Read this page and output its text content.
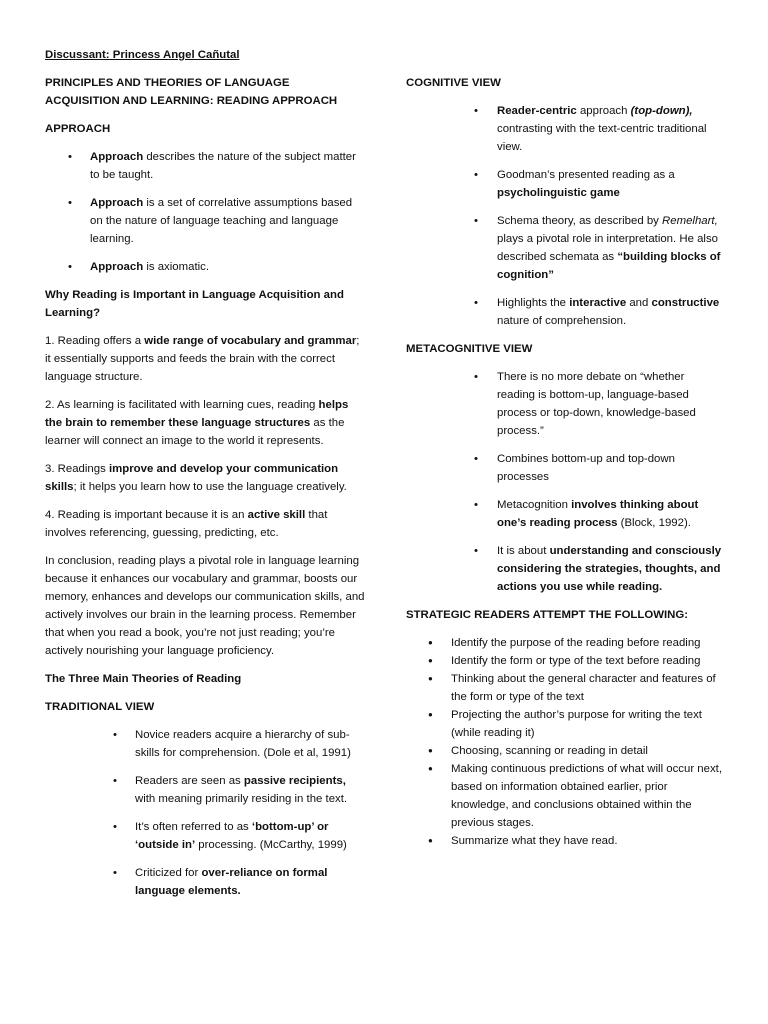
Discussant: Princess Angel Cañutal
PRINCIPLES AND THEORIES OF LANGUAGE ACQUISITION AND LEARNING: READING APPROACH
APPROACH
• Approach describes the nature of the subject matter to be taught.
• Approach is a set of correlative assumptions based on the nature of language teaching and language learning.
• Approach is axiomatic.
Why Reading is Important in Language Acquisition and Learning?
1. Reading offers a wide range of vocabulary and grammar; it essentially supports and feeds the brain with the correct language structure.
2. As learning is facilitated with learning cues, reading helps the brain to remember these language structures as the learner will connect an image to the world it represents.
3. Readings improve and develop your communication skills; it helps you learn how to use the language creatively.
4. Reading is important because it is an active skill that involves referencing, guessing, predicting, etc.
In conclusion, reading plays a pivotal role in language learning because it enhances our vocabulary and grammar, boosts our memory, enhances and develops our communication skills, and actively involves our brain in the learning process. Remember that when you read a book, you’re not just reading; you’re actively nourishing your language proficiency.
The Three Main Theories of Reading
TRADITIONAL VIEW
• Novice readers acquire a hierarchy of sub-skills for comprehension. (Dole et al, 1991)
• Readers are seen as passive recipients, with meaning primarily residing in the text.
• It’s often referred to as ‘bottom-up’ or ‘outside in’ processing. (McCarthy, 1999)
• Criticized for over-reliance on formal language elements.
COGNITIVE VIEW
• Reader-centric approach (top-down), contrasting with the text-centric traditional view.
• Goodman’s presented reading as a psycholinguistic game
• Schema theory, as described by Remelhart, plays a pivotal role in interpretation. He also described schemata as “building blocks of cognition”
• Highlights the interactive and constructive nature of comprehension.
METACOGNITIVE VIEW
• There is no more debate on “whether reading is bottom-up, language-based process or top-down, knowledge-based process.”
• Combines bottom-up and top-down processes
• Metacognition involves thinking about one’s reading process (Block, 1992).
• It is about understanding and consciously considering the strategies, thoughts, and actions you use while reading.
STRATEGIC READERS ATTEMPT THE FOLLOWING:
● Identify the purpose of the reading before reading
● Identify the form or type of the text before reading
● Thinking about the general character and features of the form or type of the text
● Projecting the author’s purpose for writing the text (while reading it)
● Choosing, scanning or reading in detail
● Making continuous predictions of what will occur next, based on information obtained earlier, prior knowledge, and conclusions obtained within the previous stages.
● Summarize what they have read.
